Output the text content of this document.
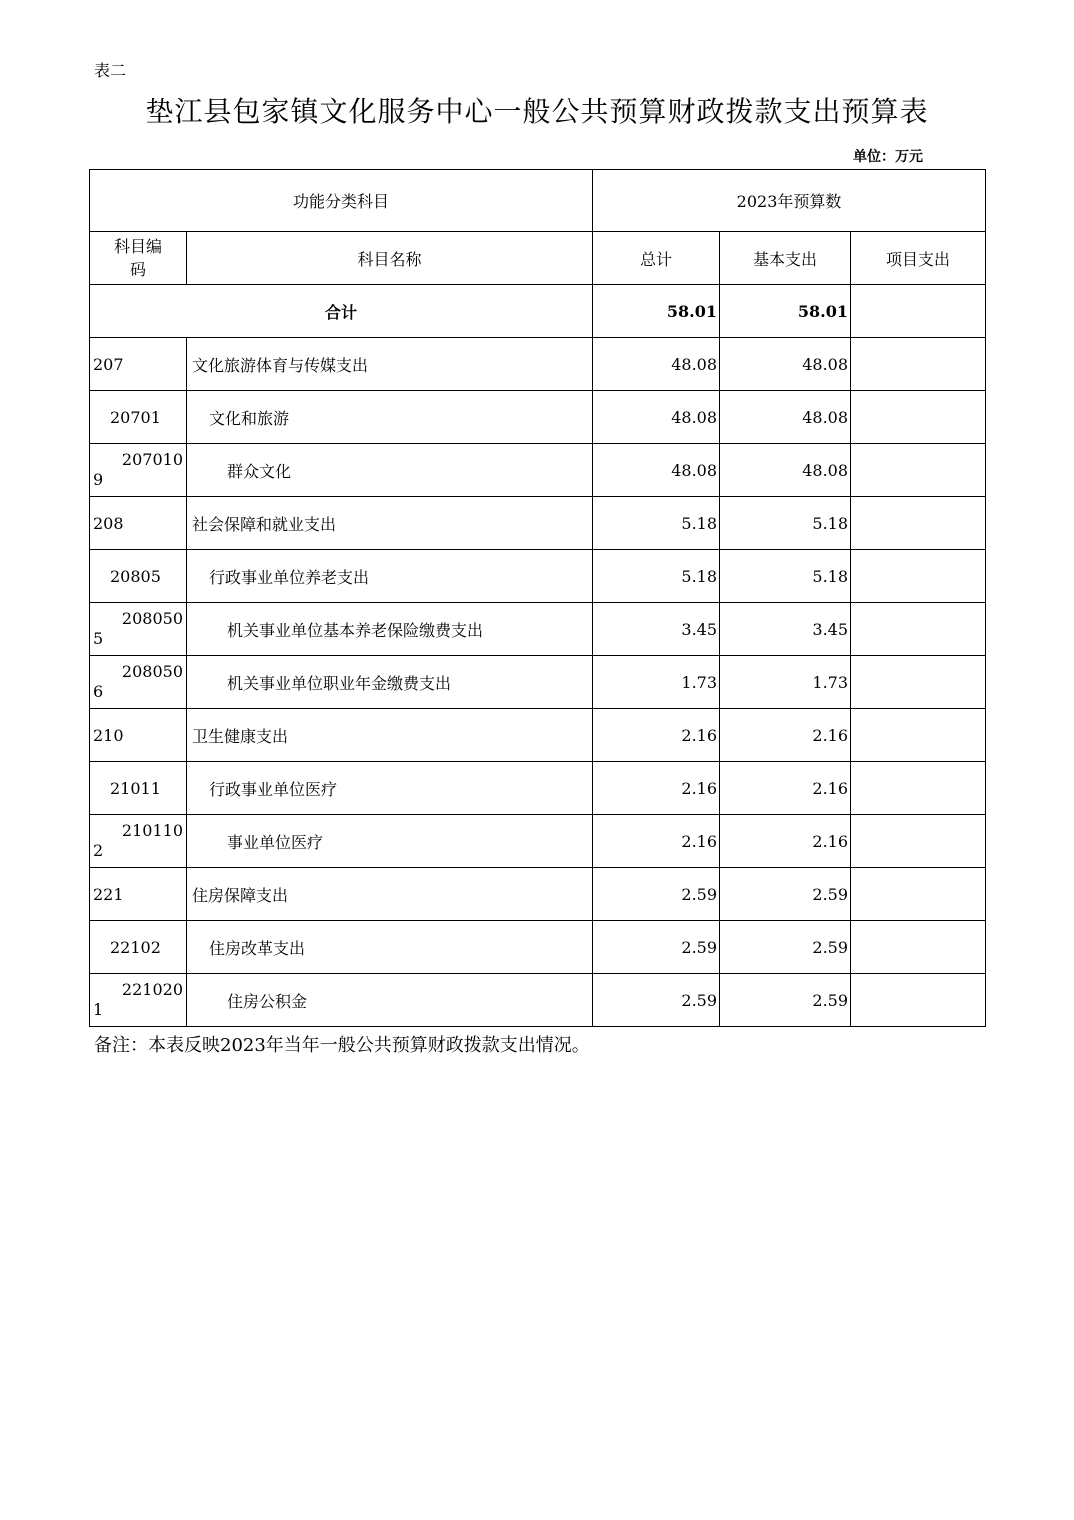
表二
垫江县包家镇文化服务中心一般公共预算财政拨款支出预算表
单位：万元
功能分类科目		2023年预算数		

科目编
码	科目名称	总计	基本支出	项目支出
合计		58.01	58.01	
207	文化旅游体育与传媒支出	48.08	48.08	
20701	文化和旅游	48.08	48.08	

207010
9	群众文化	48.08	48.08	
208	社会保障和就业支出	5.18	5.18	
20805	行政事业单位养老支出	5.18	5.18	

208050
5	机关事业单位基本养老保险缴费支出	3.45	3.45	

208050
6	机关事业单位职业年金缴费支出	1.73	1.73	
210	卫生健康支出	2.16	2.16	
21011	行政事业单位医疗	2.16	2.16	

210110
2	事业单位医疗	2.16	2.16	
221	住房保障支出	2.59	2.59	
22102	住房改革支出	2.59	2.59	

221020
1	住房公积金	2.59	2.59	
备注：本表反映2023年当年一般公共预算财政拨款支出情况。
